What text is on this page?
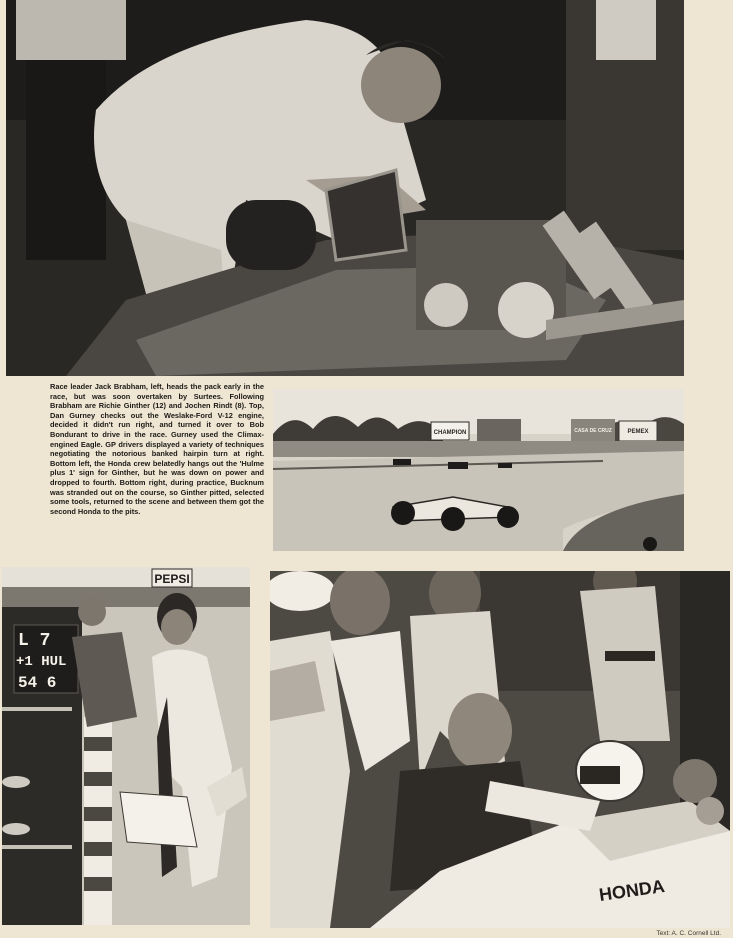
Race leader Jack Brabham, left, heads the pack early in the race, but was soon overtaken by Surtees. Following Brabham are Richie Ginther (12) and Jochen Rindt (8). Top, Dan Gurney checks out the Weslake-Ford V-12 engine, decided it didn't run right, and turned it over to Bob Bondurant to drive in the race. Gurney used the Climax-engined Eagle. GP drivers displayed a variety of techniques negotiating the notorious banked hairpin turn at right. Bottom left, the Honda crew belatedly hangs out the 'Hulme plus 1' sign for Ginther, but he was down on power and dropped to fourth. Bottom right, during practice, Bucknum was stranded out on the course, so Ginther pitted, selected some tools, returned to the scene and between them got the second Honda to the pits.

CHAMPION	CASA DE CRUZ	PEMEX
PEPSI
L 7
+1 HUL
54 6
HONDA
Text: A. C. Cornell Ltd.
